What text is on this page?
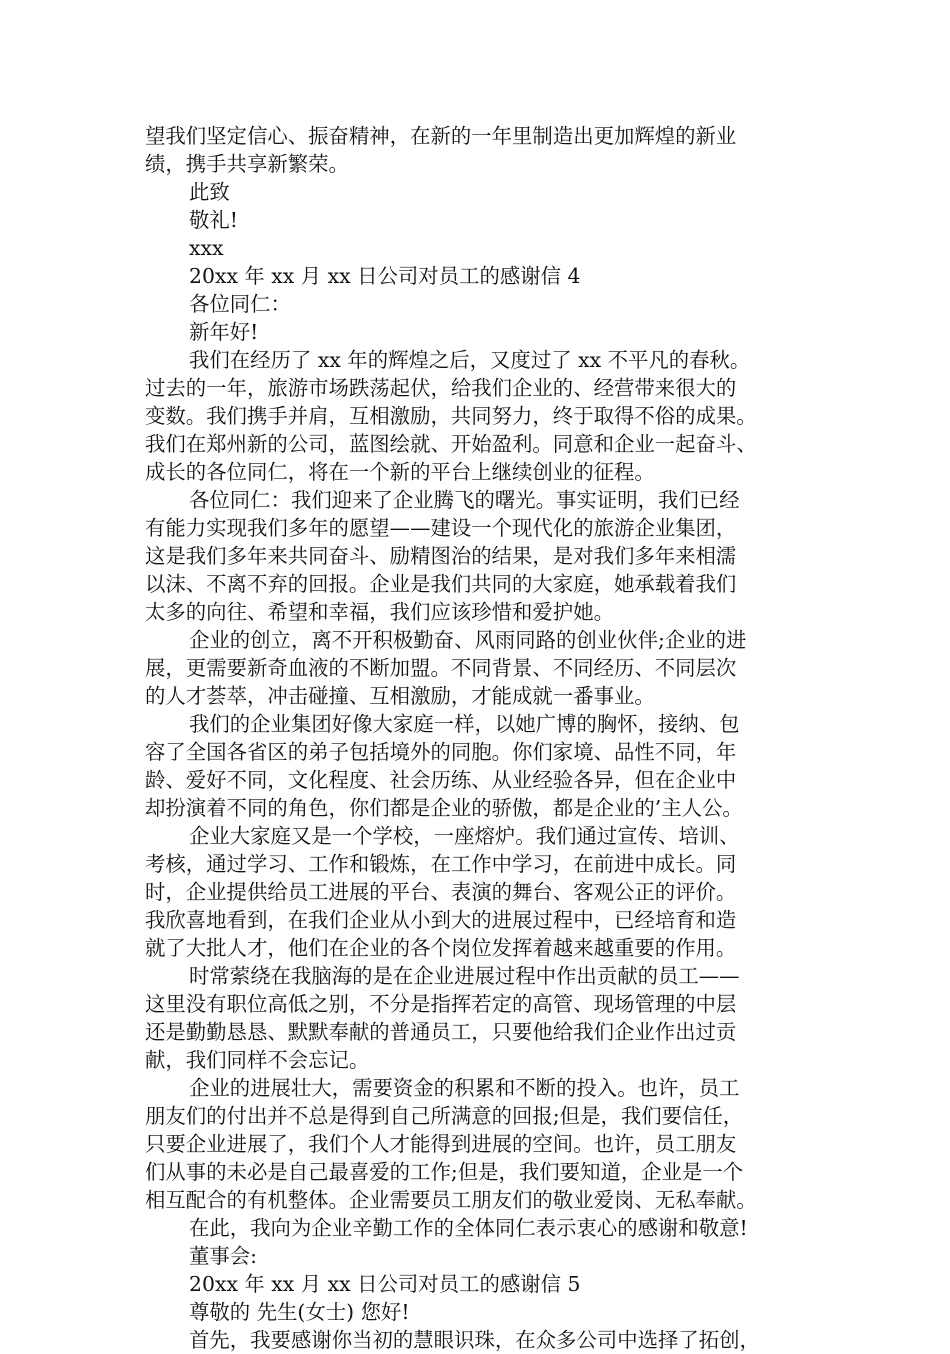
望我们坚定信心、振奋精神，在新的一年里制造出更加辉煌的新业
绩，携手共享新繁荣。
此致
敬礼!
xxx
20xx 年 xx 月 xx 日公司对员工的感谢信 4
各位同仁：
新年好!
我们在经历了 xx 年的辉煌之后，又度过了 xx 不平凡的春秋。
过去的一年，旅游市场跌荡起伏，给我们企业的、经营带来很大的
变数。我们携手并肩，互相激励，共同努力，终于取得不俗的成果。
我们在郑州新的公司，蓝图绘就、开始盈利。同意和企业一起奋斗、
成长的各位同仁，将在一个新的平台上继续创业的征程。
各位同仁：我们迎来了企业腾飞的曙光。事实证明，我们已经
有能力实现我们多年的愿望——建设一个现代化的旅游企业集团，
这是我们多年来共同奋斗、励精图治的结果，是对我们多年来相濡
以沫、不离不弃的回报。企业是我们共同的大家庭，她承载着我们
太多的向往、希望和幸福，我们应该珍惜和爱护她。
企业的创立，离不开积极勤奋、风雨同路的创业伙伴;企业的进
展，更需要新奇血液的不断加盟。不同背景、不同经历、不同层次
的人才荟萃，冲击碰撞、互相激励，才能成就一番事业。
我们的企业集团好像大家庭一样，以她广博的胸怀，接纳、包
容了全国各省区的弟子包括境外的同胞。你们家境、品性不同，年
龄、爱好不同，文化程度、社会历练、从业经验各异，但在企业中
却扮演着不同的角色，你们都是企业的骄傲，都是企业的’主人公。
企业大家庭又是一个学校，一座熔炉。我们通过宣传、培训、
考核，通过学习、工作和锻炼，在工作中学习，在前进中成长。同
时，企业提供给员工进展的平台、表演的舞台、客观公正的评价。
我欣喜地看到，在我们企业从小到大的进展过程中，已经培育和造
就了大批人才，他们在企业的各个岗位发挥着越来越重要的作用。
时常萦绕在我脑海的是在企业进展过程中作出贡献的员工——
这里没有职位高低之别，不分是指挥若定的高管、现场管理的中层
还是勤勤恳恳、默默奉献的普通员工，只要他给我们企业作出过贡
献，我们同样不会忘记。
企业的进展壮大，需要资金的积累和不断的投入。也许，员工
朋友们的付出并不总是得到自己所满意的回报;但是，我们要信任，
只要企业进展了，我们个人才能得到进展的空间。也许，员工朋友
们从事的未必是自己最喜爱的工作;但是，我们要知道，企业是一个
相互配合的有机整体。企业需要员工朋友们的敬业爱岗、无私奉献。
在此，我向为企业辛勤工作的全体同仁表示衷心的感谢和敬意!
董事会:
20xx 年 xx 月 xx 日公司对员工的感谢信 5
尊敬的 先生(女士) 您好!
首先，我要感谢你当初的慧眼识珠，在众多公司中选择了拓创，
